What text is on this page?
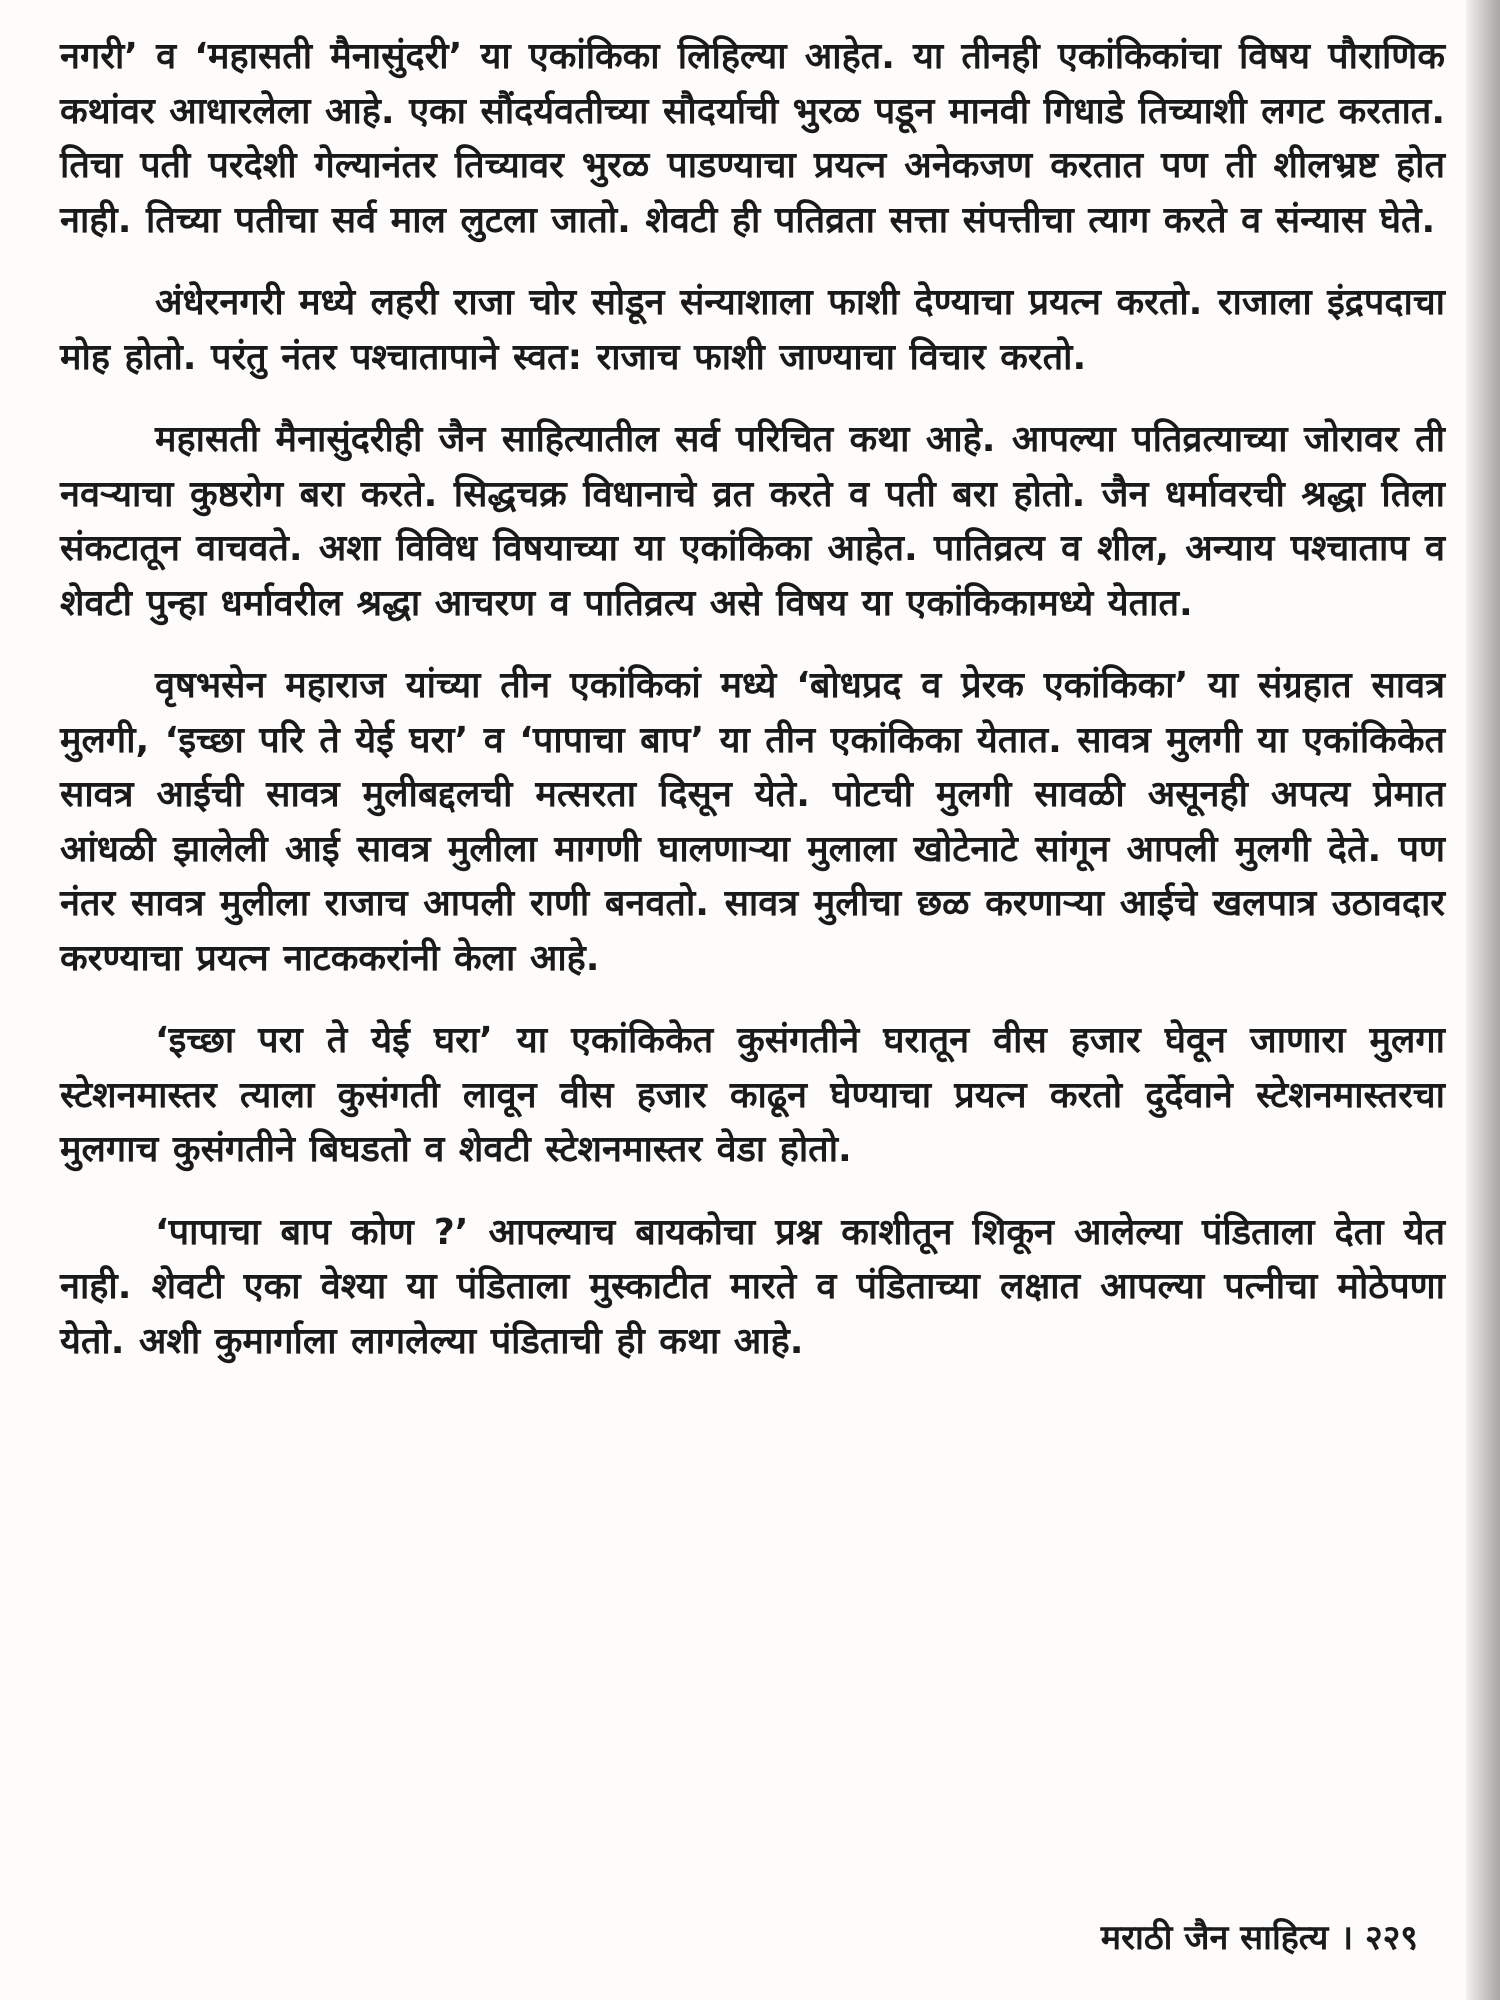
नगरी’ व ‘महासती मैनासुंदरी’ या एकांकिका लिहिल्या आहेत. या तीनही एकांकिकांचा विषय पौराणिक कथांवर आधारलेला आहे. एका सौंदर्यवतीच्या सौदर्याची भुरळ पडून मानवी गिधाडे तिच्याशी लगट करतात. तिचा पती परदेशी गेल्यानंतर तिच्यावर भुरळ पाडण्याचा प्रयत्न अनेकजण करतात पण ती शीलभ्रष्ट होत नाही. तिच्या पतीचा सर्व माल लुटला जातो. शेवटी ही पतिव्रता सत्ता संपत्तीचा त्याग करते व संन्यास घेते.

अंधेरनगरी मध्ये लहरी राजा चोर सोडून संन्याशाला फाशी देण्याचा प्रयत्न करतो. राजाला इंद्रपदाचा मोह होतो. परंतु नंतर पश्चातापाने स्वत: राजाच फाशी जाण्याचा विचार करतो.

महासती मैनासुंदरीही जैन साहित्यातील सर्व परिचित कथा आहे. आपल्या पतिव्रत्याच्या जोरावर ती नवऱ्याचा कुष्ठरोग बरा करते. सिद्धचक्र विधानाचे व्रत करते व पती बरा होतो. जैन धर्मावरची श्रद्धा तिला संकटातून वाचवते. अशा विविध विषयाच्या या एकांकिका आहेत. पातिव्रत्य व शील, अन्याय पश्चाताप व शेवटी पुन्हा धर्मावरील श्रद्धा आचरण व पातिव्रत्य असे विषय या एकांकिकामध्ये येतात.

वृषभसेन महाराज यांच्या तीन एकांकिकां मध्ये ‘बोधप्रद व प्रेरक एकांकिका’ या संग्रहात सावत्र मुलगी, ‘इच्छा परि ते येई घरा’ व ‘पापाचा बाप’ या तीन एकांकिका येतात. सावत्र मुलगी या एकांकिकेत सावत्र आईची सावत्र मुलीबद्दलची मत्सरता दिसून येते. पोटची मुलगी सावळी असूनही अपत्य प्रेमात आंधळी झालेली आई सावत्र मुलीला मागणी घालणाऱ्या मुलाला खोटेनाटे सांगून आपली मुलगी देते. पण नंतर सावत्र मुलीला राजाच आपली राणी बनवतो. सावत्र मुलीचा छळ करणाऱ्या आईचे खलपात्र उठावदार करण्याचा प्रयत्न नाटककरांनी केला आहे.

‘इच्छा परा ते येई घरा’ या एकांकिकेत कुसंगतीने घरातून वीस हजार घेवून जाणारा मुलगा स्टेशनमास्तर त्याला कुसंगती लावून वीस हजार काढून घेण्याचा प्रयत्न करतो दुर्देवाने स्टेशनमास्तरचा मुलगाच कुसंगतीने बिघडतो व शेवटी स्टेशनमास्तर वेडा होतो.

‘पापाचा बाप कोण ?’ आपल्याच बायकोचा प्रश्न काशीतून शिकून आलेल्या पंडिताला देता येत नाही. शेवटी एका वेश्या या पंडिताला मुस्काटीत मारते व पंडिताच्या लक्षात आपल्या पत्नीचा मोठेपणा येतो. अशी कुमार्गाला लागलेल्या पंडिताची ही कथा आहे.

मराठी जैन साहित्य । २२९
